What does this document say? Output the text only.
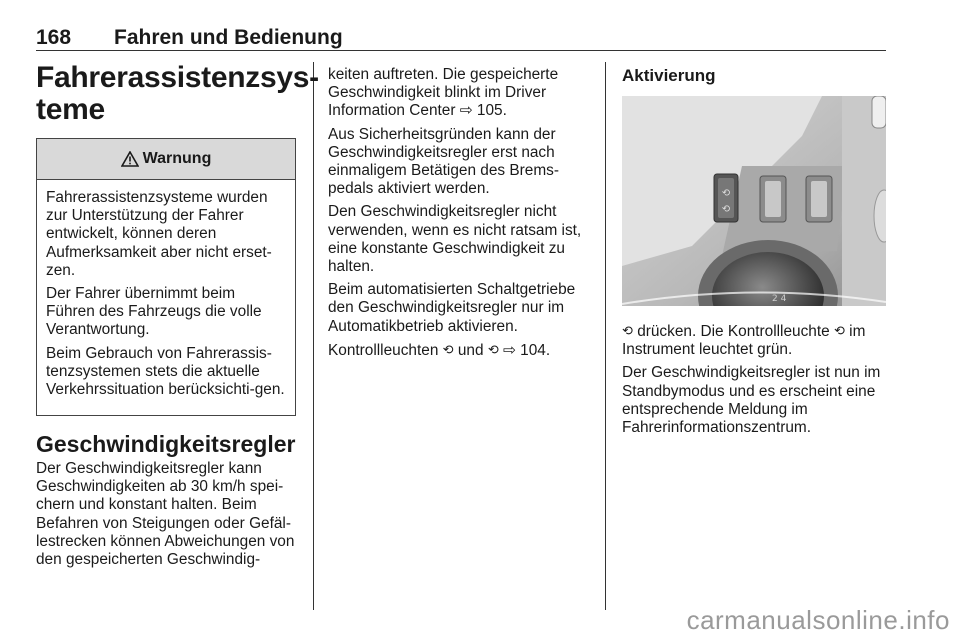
168 Fahren und Bedienung
Fahrerassistenzsys-
teme
Warnung

Fahrerassistenzsysteme wurden zur Unterstützung der Fahrer entwickelt, können deren Aufmerksamkeit aber nicht erset-zen.

Der Fahrer übernimmt beim Führen des Fahrzeugs die volle Verantwortung.

Beim Gebrauch von Fahrerassis-tenzsystemen stets die aktuelle Verkehrssituation berücksichti-gen.

Geschwindigkeitsregler
Der Geschwindigkeitsregler kann Geschwindigkeiten ab 30 km/h spei-chern und konstant halten. Beim Befahren von Steigungen oder Gefäl-lestrecken können Abweichungen von den gespeicherten Geschwindig-

keiten auftreten. Die gespeicherte Geschwindigkeit blinkt im Driver Information Center ⇨ 105.

Aus Sicherheitsgründen kann der Geschwindigkeitsregler erst nach einmaligem Betätigen des Brems-pedals aktiviert werden.

Den Geschwindigkeitsregler nicht verwenden, wenn es nicht ratsam ist, eine konstante Geschwindigkeit zu halten.

Beim automatisierten Schaltgetriebe den Geschwindigkeitsregler nur im Automatikbetrieb aktivieren.

Kontrollleuchten ⟲ und ⟲ ⇨ 104.

Aktivierung
⟲
⟲
2 4

⟲ drücken. Die Kontrollleuchte ⟲ im Instrument leuchtet grün.

Der Geschwindigkeitsregler ist nun im Standbymodus und es erscheint eine entsprechende Meldung im Fahrerinformationszentrum.

carmanualsonline.info
